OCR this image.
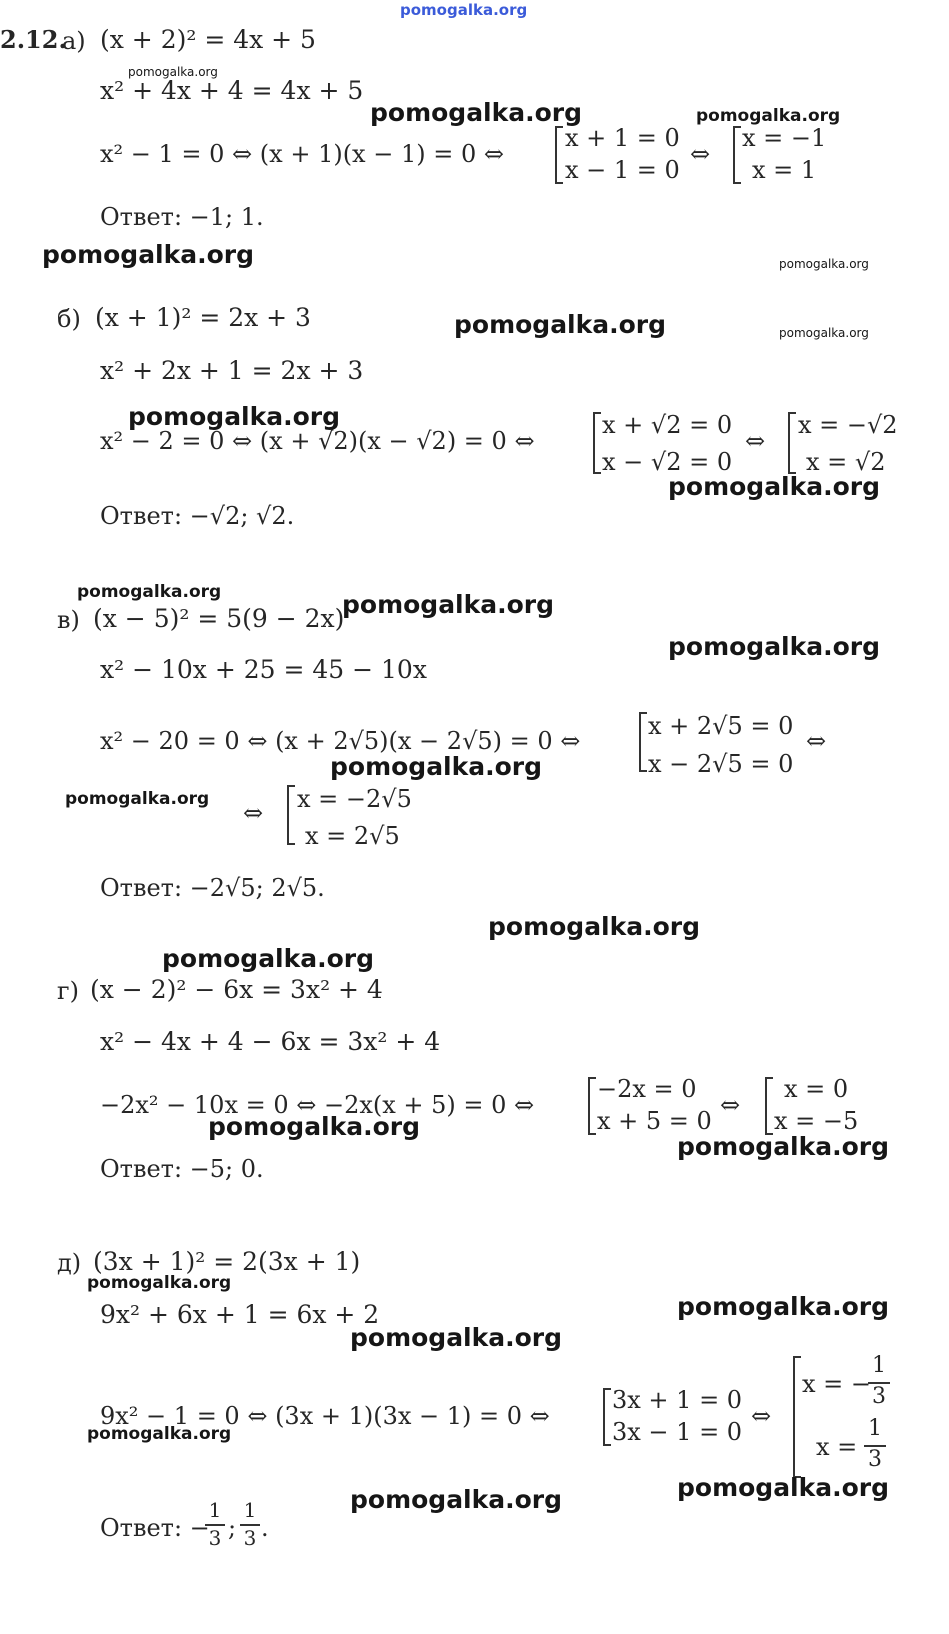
pomogalka.org
2.12.
а) (x + 2)² = 4x + 5
pomogalka.org
x² + 4x + 4 = 4x + 5
pomogalka.org	pomogalka.org
x² − 1 = 0 ⇔ (x + 1)(x − 1) = 0 ⇔
x + 1 = 0
x − 1 = 0
⇔
x = −1
x = 1
Ответ: −1; 1.
pomogalka.org	pomogalka.org
б) (x + 1)² = 2x + 3	pomogalka.org	pomogalka.org
x² + 2x + 1 = 2x + 3
pomogalka.org
x² − 2 = 0 ⇔ (x + √2)(x − √2) = 0 ⇔
x + √2 = 0
x − √2 = 0
⇔
x = −√2
x = √2
pomogalka.org
Ответ: −√2; √2.
pomogalka.org	pomogalka.org
в) (x − 5)² = 5(9 − 2x)
pomogalka.org
x² − 10x + 25 = 45 − 10x
x² − 20 = 0 ⇔ (x + 2√5)(x − 2√5) = 0 ⇔
x + 2√5 = 0
x − 2√5 = 0
⇔
pomogalka.org
pomogalka.org ⇔ x = −2√5
x = 2√5
Ответ: −2√5; 2√5.
pomogalka.org
pomogalka.org
г) (x − 2)² − 6x = 3x² + 4
x² − 4x + 4 − 6x = 3x² + 4
−2x² − 10x = 0 ⇔ −2x(x + 5) = 0 ⇔
−2x = 0
x + 5 = 0
⇔
x = 0
x = −5
pomogalka.org
pomogalka.org
Ответ: −5; 0.
д) (3x + 1)² = 2(3x + 1)
pomogalka.org
pomogalka.org
9x² + 6x + 1 = 6x + 2
pomogalka.org
9x² − 1 = 0 ⇔ (3x + 1)(3x − 1) = 0 ⇔
3x + 1 = 0
3x − 1 = 0
⇔
x = −
1
3
x =
1
3
pomogalka.org
pomogalka.org
pomogalka.org
Ответ: −
1
3 ;
1
3 .
